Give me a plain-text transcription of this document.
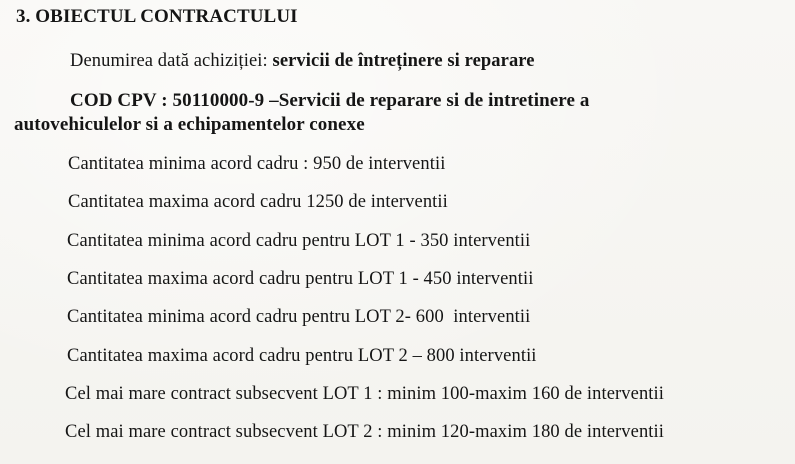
3. OBIECTUL CONTRACTULUI
Denumirea dată achiziției: servicii de întreținere si reparare
COD CPV : 50110000-9 –Servicii de reparare si de intretinere a
autovehiculelor si a echipamentelor conexe
Cantitatea minima acord cadru : 950 de interventii
Cantitatea maxima acord cadru 1250 de interventii
Cantitatea minima acord cadru pentru LOT 1 - 350 interventii
Cantitatea maxima acord cadru pentru LOT 1 - 450 interventii
Cantitatea minima acord cadru pentru LOT 2- 600  interventii
Cantitatea maxima acord cadru pentru LOT 2 – 800 interventii
Cel mai mare contract subsecvent LOT 1 : minim 100-maxim 160 de interventii
Cel mai mare contract subsecvent LOT 2 : minim 120-maxim 180 de interventii
